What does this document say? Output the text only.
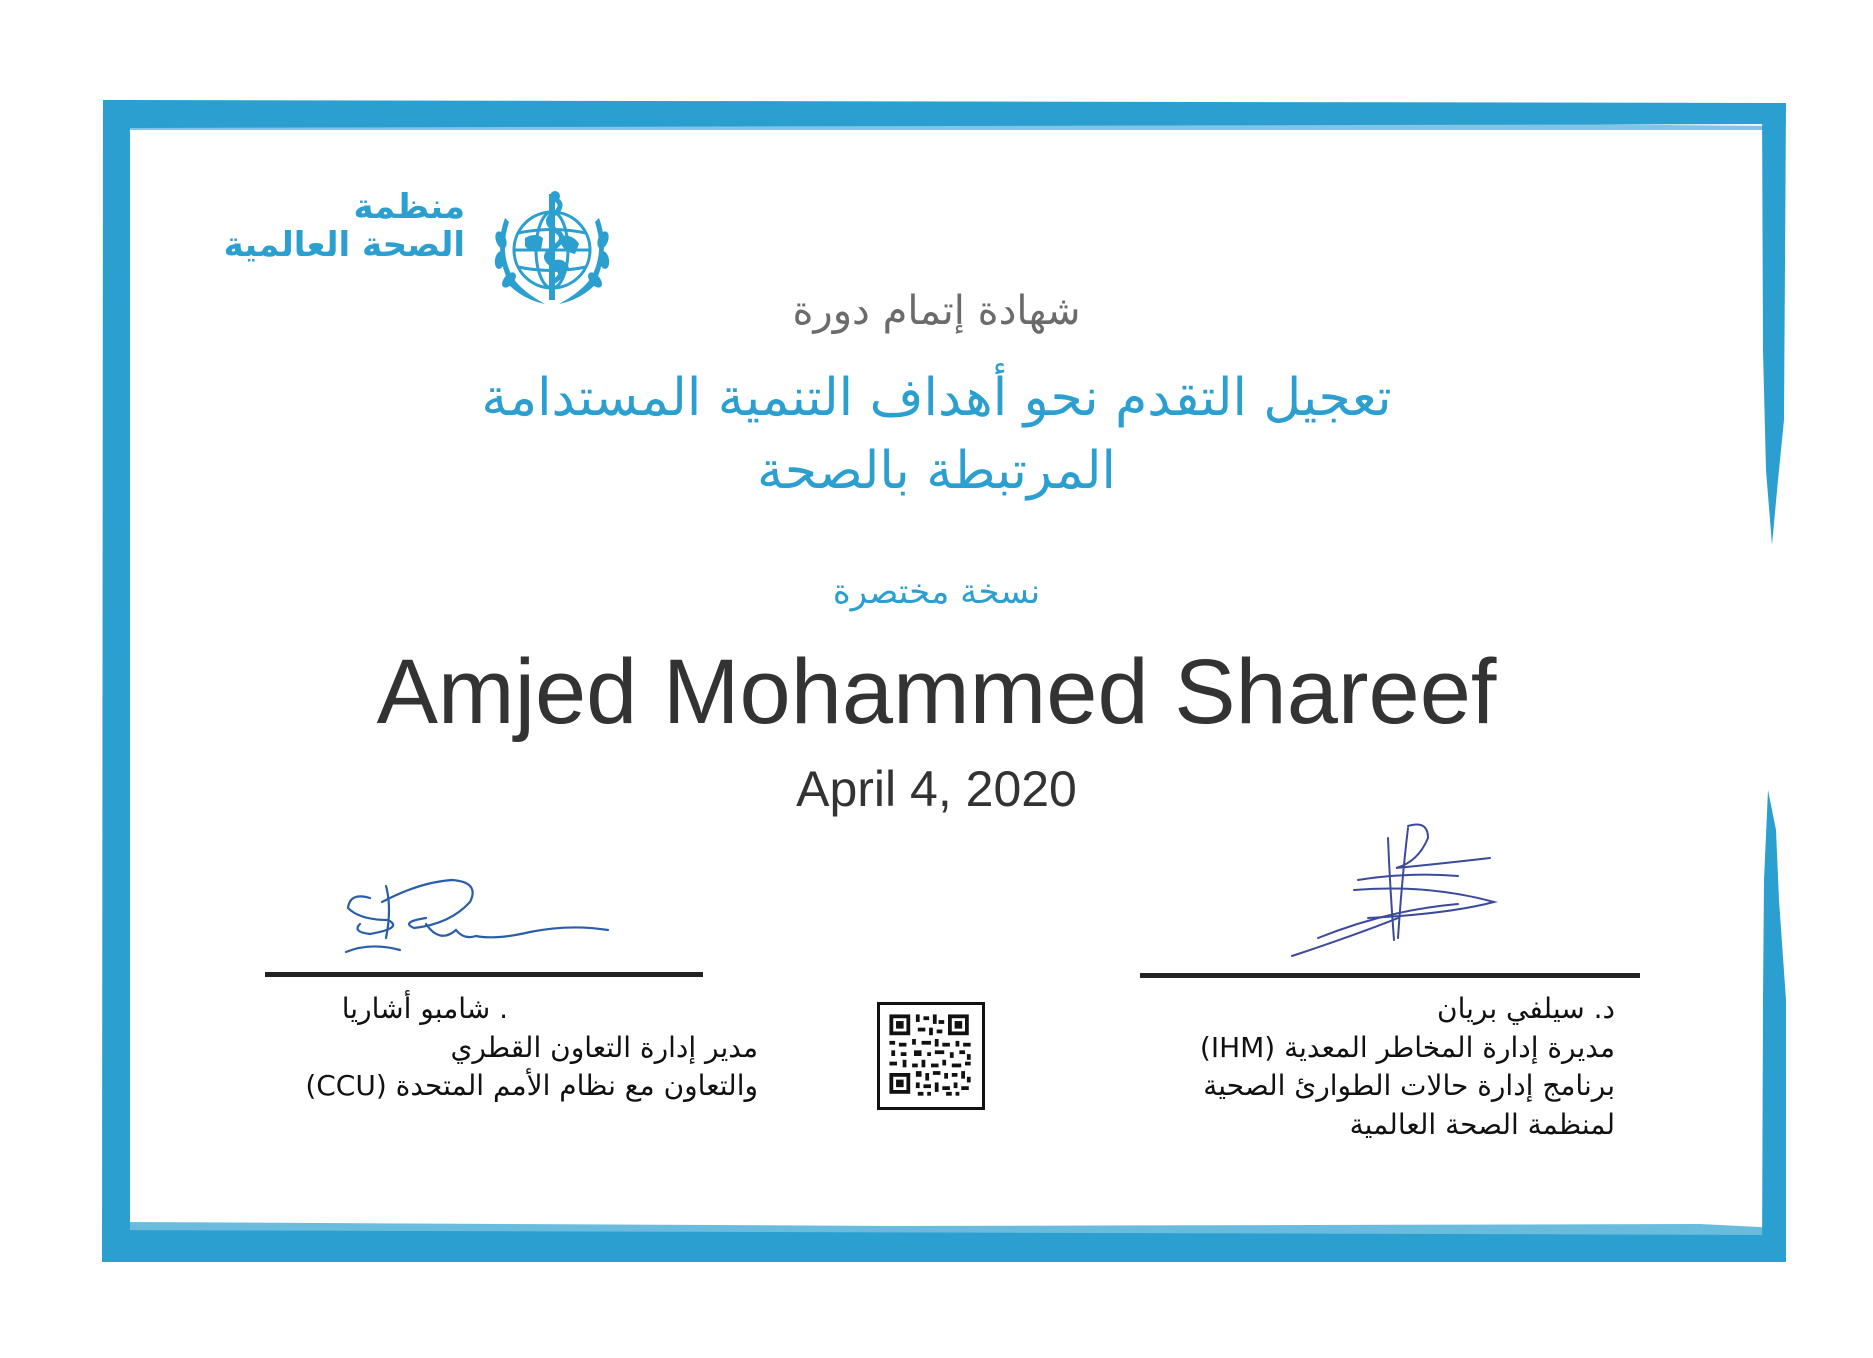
منظمة
الصحة العالمية
شهادة إتمام دورة
تعجيل التقدم نحو أهداف التنمية المستدامة المرتبطة بالصحة
نسخة مختصرة
Amjed Mohammed Shareef
April 4, 2020
. شامبو أشاريا
مدير إدارة التعاون القطري
والتعاون مع نظام الأمم المتحدة (CCU)
د. سيلفي بريان
مديرة إدارة المخاطر المعدية (IHM)
برنامج إدارة حالات الطوارئ الصحية
لمنظمة الصحة العالمية
